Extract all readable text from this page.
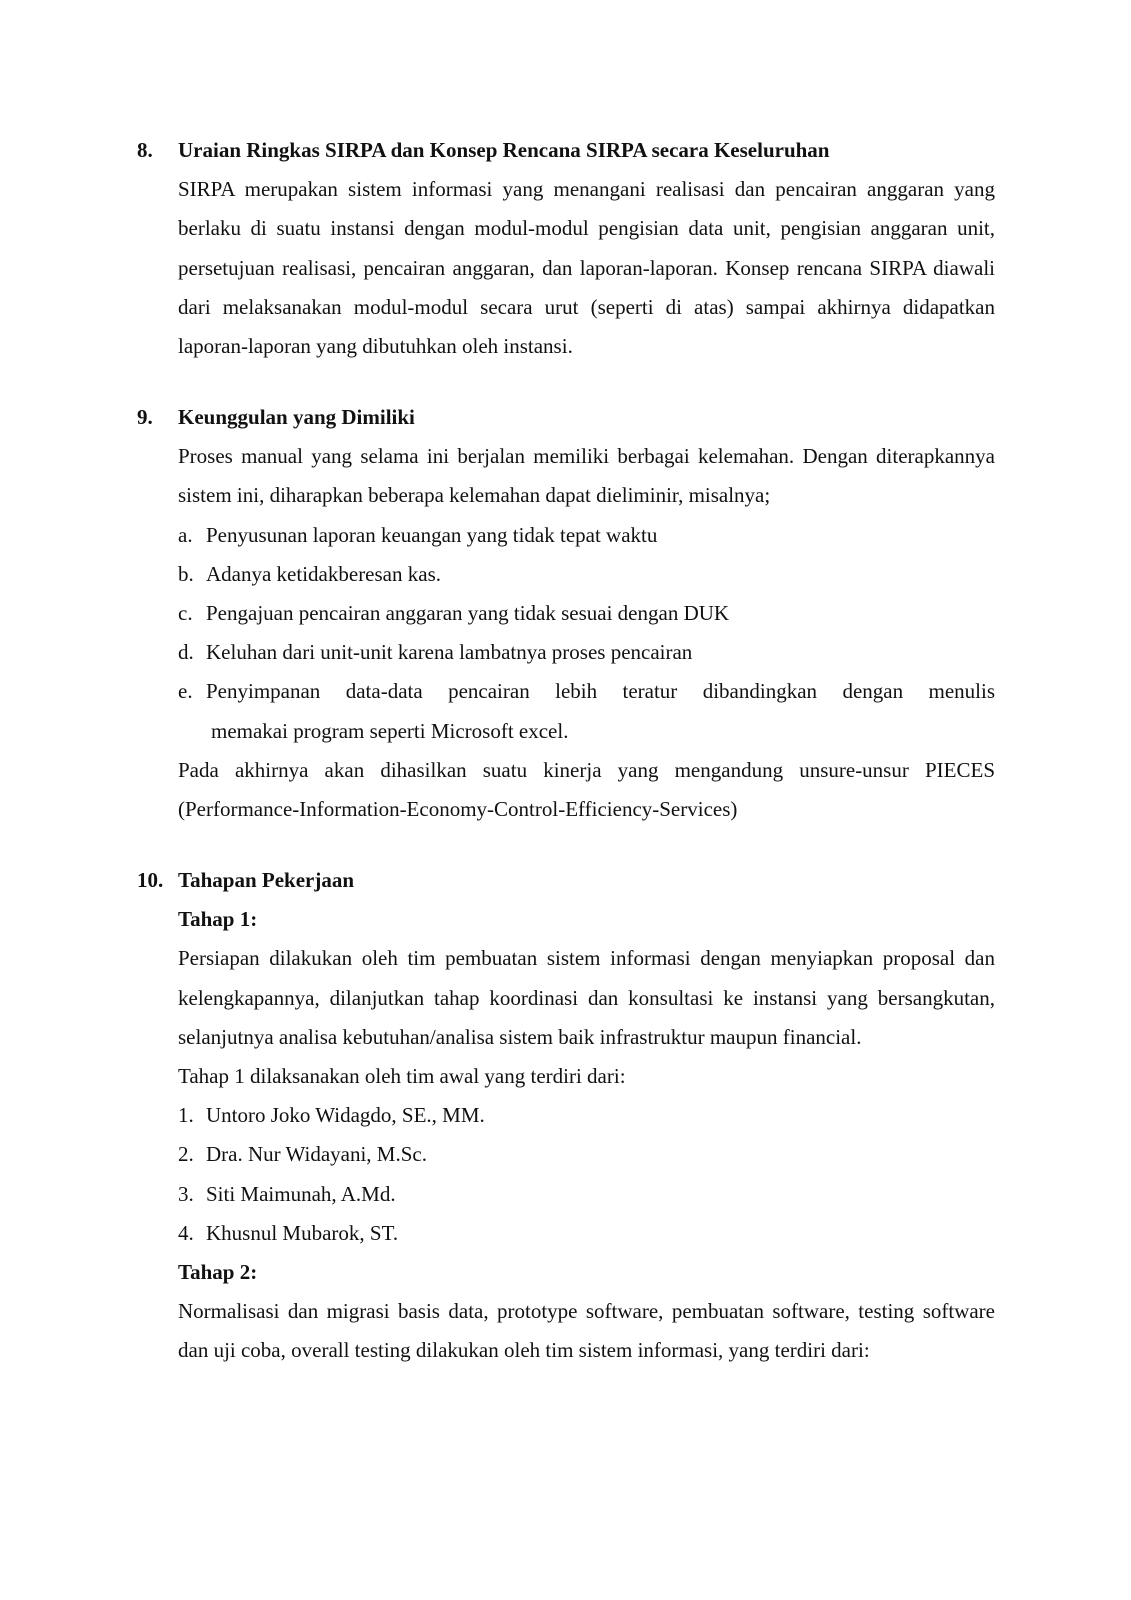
8. Uraian Ringkas SIRPA dan Konsep Rencana SIRPA secara Keseluruhan
SIRPA merupakan sistem informasi yang menangani realisasi dan pencairan anggaran yang berlaku di suatu instansi dengan modul-modul pengisian data unit, pengisian anggaran unit, persetujuan realisasi, pencairan anggaran, dan laporan-laporan. Konsep rencana SIRPA diawali dari melaksanakan modul-modul secara urut (seperti di atas) sampai akhirnya didapatkan laporan-laporan yang dibutuhkan oleh instansi.
9. Keunggulan yang Dimiliki
Proses manual yang selama ini berjalan memiliki berbagai kelemahan. Dengan diterapkannya sistem ini, diharapkan beberapa kelemahan dapat dieliminir, misalnya;
a. Penyusunan laporan keuangan yang tidak tepat waktu
b. Adanya ketidakberesan kas.
c. Pengajuan pencairan anggaran yang tidak sesuai dengan DUK
d. Keluhan dari unit-unit karena lambatnya proses pencairan
e. Penyimpanan data-data pencairan lebih teratur dibandingkan dengan menulis
memakai program seperti Microsoft excel.
Pada akhirnya akan dihasilkan suatu kinerja yang mengandung unsure-unsur PIECES (Performance-Information-Economy-Control-Efficiency-Services)
10. Tahapan Pekerjaan
Tahap 1:
Persiapan dilakukan oleh tim pembuatan sistem informasi dengan menyiapkan proposal dan kelengkapannya, dilanjutkan tahap koordinasi dan konsultasi ke instansi yang bersangkutan, selanjutnya analisa kebutuhan/analisa sistem baik infrastruktur maupun financial.
Tahap 1 dilaksanakan oleh tim awal yang terdiri dari:
1. Untoro Joko Widagdo, SE., MM.
2. Dra. Nur Widayani, M.Sc.
3. Siti Maimunah, A.Md.
4. Khusnul Mubarok, ST.
Tahap 2:
Normalisasi dan migrasi basis data, prototype software, pembuatan software, testing software dan uji coba, overall testing dilakukan oleh tim sistem informasi, yang terdiri dari:
